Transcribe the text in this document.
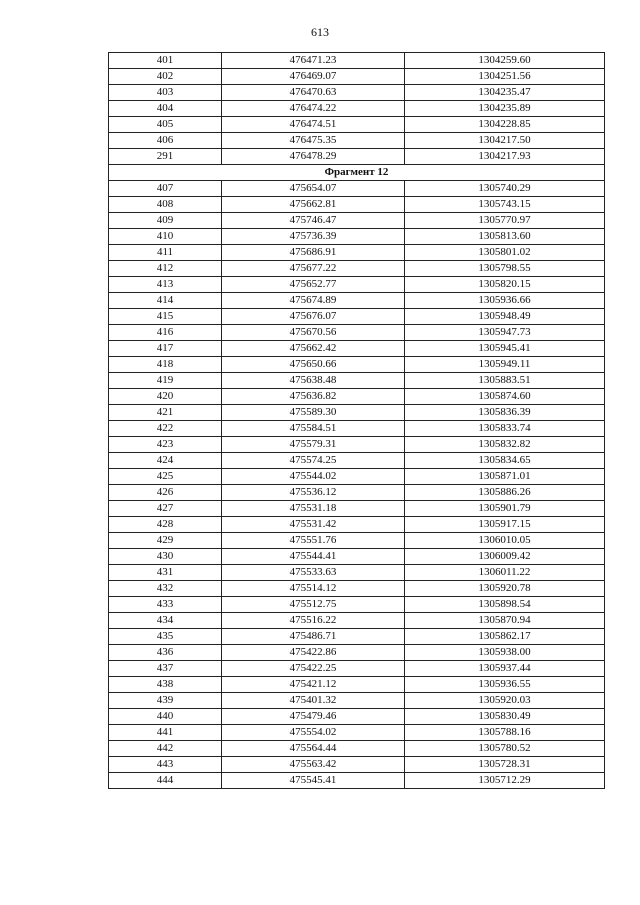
613
401	476471.23	1304259.60
402	476469.07	1304251.56
403	476470.63	1304235.47
404	476474.22	1304235.89
405	476474.51	1304228.85
406	476475.35	1304217.50
291	476478.29	1304217.93
Фрагмент 12		
407	475654.07	1305740.29
408	475662.81	1305743.15
409	475746.47	1305770.97
410	475736.39	1305813.60
411	475686.91	1305801.02
412	475677.22	1305798.55
413	475652.77	1305820.15
414	475674.89	1305936.66
415	475676.07	1305948.49
416	475670.56	1305947.73
417	475662.42	1305945.41
418	475650.66	1305949.11
419	475638.48	1305883.51
420	475636.82	1305874.60
421	475589.30	1305836.39
422	475584.51	1305833.74
423	475579.31	1305832.82
424	475574.25	1305834.65
425	475544.02	1305871.01
426	475536.12	1305886.26
427	475531.18	1305901.79
428	475531.42	1305917.15
429	475551.76	1306010.05
430	475544.41	1306009.42
431	475533.63	1306011.22
432	475514.12	1305920.78
433	475512.75	1305898.54
434	475516.22	1305870.94
435	475486.71	1305862.17
436	475422.86	1305938.00
437	475422.25	1305937.44
438	475421.12	1305936.55
439	475401.32	1305920.03
440	475479.46	1305830.49
441	475554.02	1305788.16
442	475564.44	1305780.52
443	475563.42	1305728.31
444	475545.41	1305712.29
